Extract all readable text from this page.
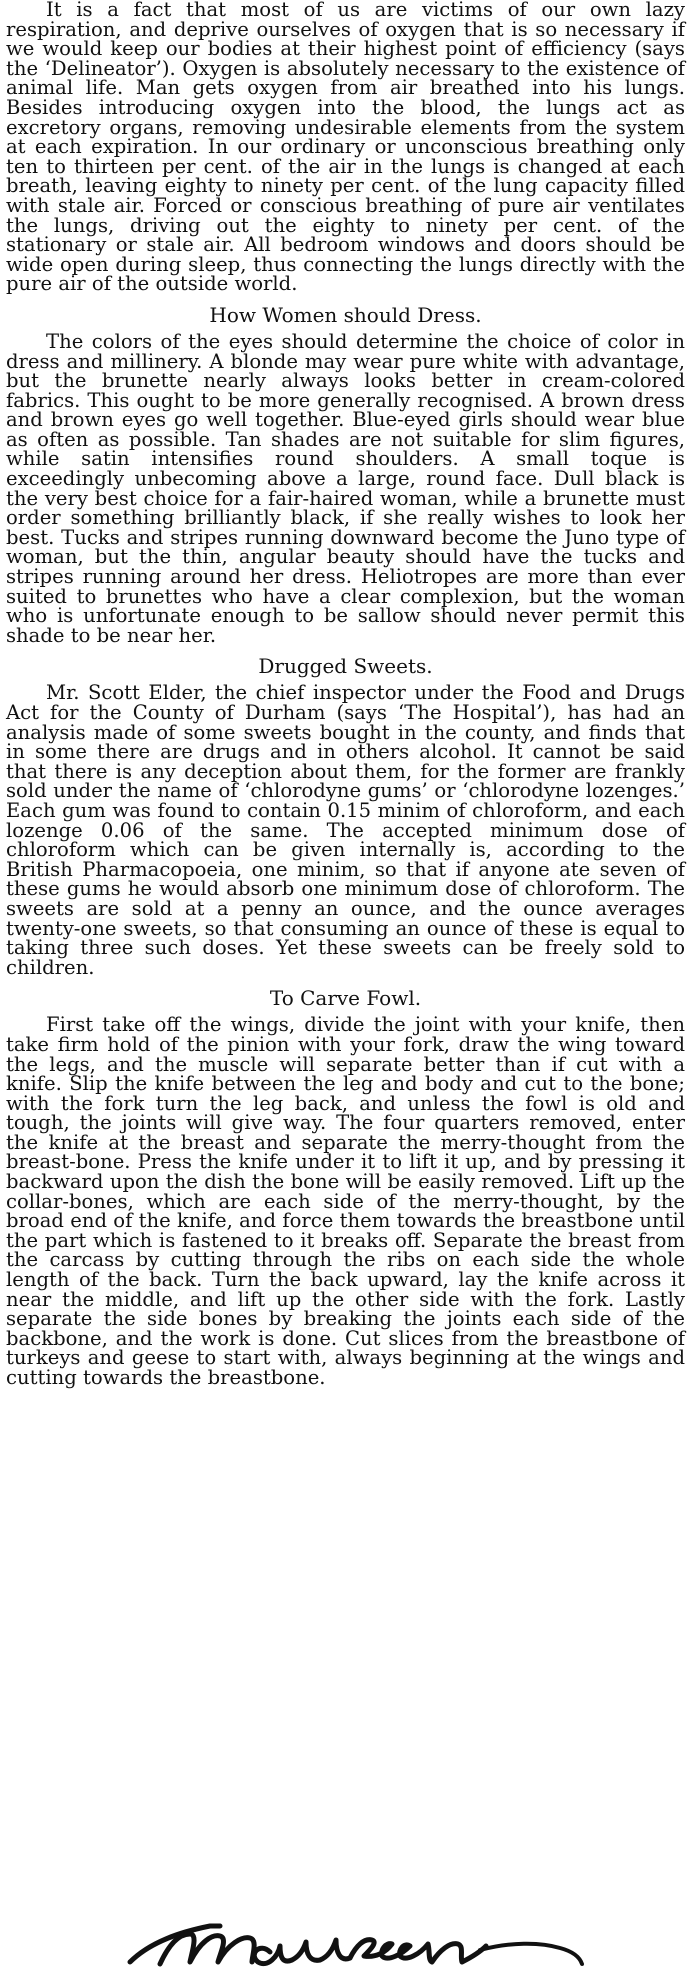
It is a fact that most of us are victims of our own lazy respiration, and deprive ourselves of oxygen that is so necessary if we would keep our bodies at their highest point of efficiency (says the ‘Delineator’). Oxygen is absolutely necessary to the existence of animal life. Man gets oxygen from air breathed into his lungs. Besides introducing oxygen into the blood, the lungs act as excretory organs, removing undesirable elements from the system at each expiration. In our ordinary or unconscious breathing only ten to thirteen per cent. of the air in the lungs is changed at each breath, leaving eighty to ninety per cent. of the lung capacity filled with stale air. Forced or conscious breathing of pure air ventilates the lungs, driving out the eighty to ninety per cent. of the stationary or stale air. All bedroom windows and doors should be wide open during sleep, thus connecting the lungs directly with the pure air of the outside world.

How Women should Dress.

The colors of the eyes should determine the choice of color in dress and millinery. A blonde may wear pure white with advantage, but the brunette nearly always looks better in cream-colored fabrics. This ought to be more generally recognised. A brown dress and brown eyes go well together. Blue-eyed girls should wear blue as often as possible. Tan shades are not suitable for slim figures, while satin intensifies round shoulders. A small toque is exceedingly unbecoming above a large, round face. Dull black is the very best choice for a fair-haired woman, while a brunette must order something brilliantly black, if she really wishes to look her best. Tucks and stripes running downward become the Juno type of woman, but the thin, angular beauty should have the tucks and stripes running around her dress. Heliotropes are more than ever suited to brunettes who have a clear complexion, but the woman who is unfortunate enough to be sallow should never permit this shade to be near her.

Drugged Sweets.

Mr. Scott Elder, the chief inspector under the Food and Drugs Act for the County of Durham (says ‘The Hospital’), has had an analysis made of some sweets bought in the county, and finds that in some there are drugs and in others alcohol. It cannot be said that there is any deception about them, for the former are frankly sold under the name of ‘chlorodyne gums’ or ‘chlorodyne lozenges.’ Each gum was found to contain 0.15 minim of chloroform, and each lozenge 0.06 of the same. The accepted minimum dose of chloroform which can be given internally is, according to the British Pharmacopoeia, one minim, so that if anyone ate seven of these gums he would absorb one minimum dose of chloroform. The sweets are sold at a penny an ounce, and the ounce averages twenty-one sweets, so that consuming an ounce of these is equal to taking three such doses. Yet these sweets can be freely sold to children.

To Carve Fowl.

First take off the wings, divide the joint with your knife, then take firm hold of the pinion with your fork, draw the wing toward the legs, and the muscle will separate better than if cut with a knife. Slip the knife between the leg and body and cut to the bone; with the fork turn the leg back, and unless the fowl is old and tough, the joints will give way. The four quarters removed, enter the knife at the breast and separate the merry-thought from the breast-bone. Press the knife under it to lift it up, and by pressing it backward upon the dish the bone will be easily removed. Lift up the collar-bones, which are each side of the merry-thought, by the broad end of the knife, and force them towards the breastbone until the part which is fastened to it breaks off. Separate the breast from the carcass by cutting through the ribs on each side the whole length of the back. Turn the back upward, lay the knife across it near the middle, and lift up the other side with the fork. Lastly separate the side bones by breaking the joints each side of the backbone, and the work is done. Cut slices from the breastbone of turkeys and geese to start with, always beginning at the wings and cutting towards the breastbone.
